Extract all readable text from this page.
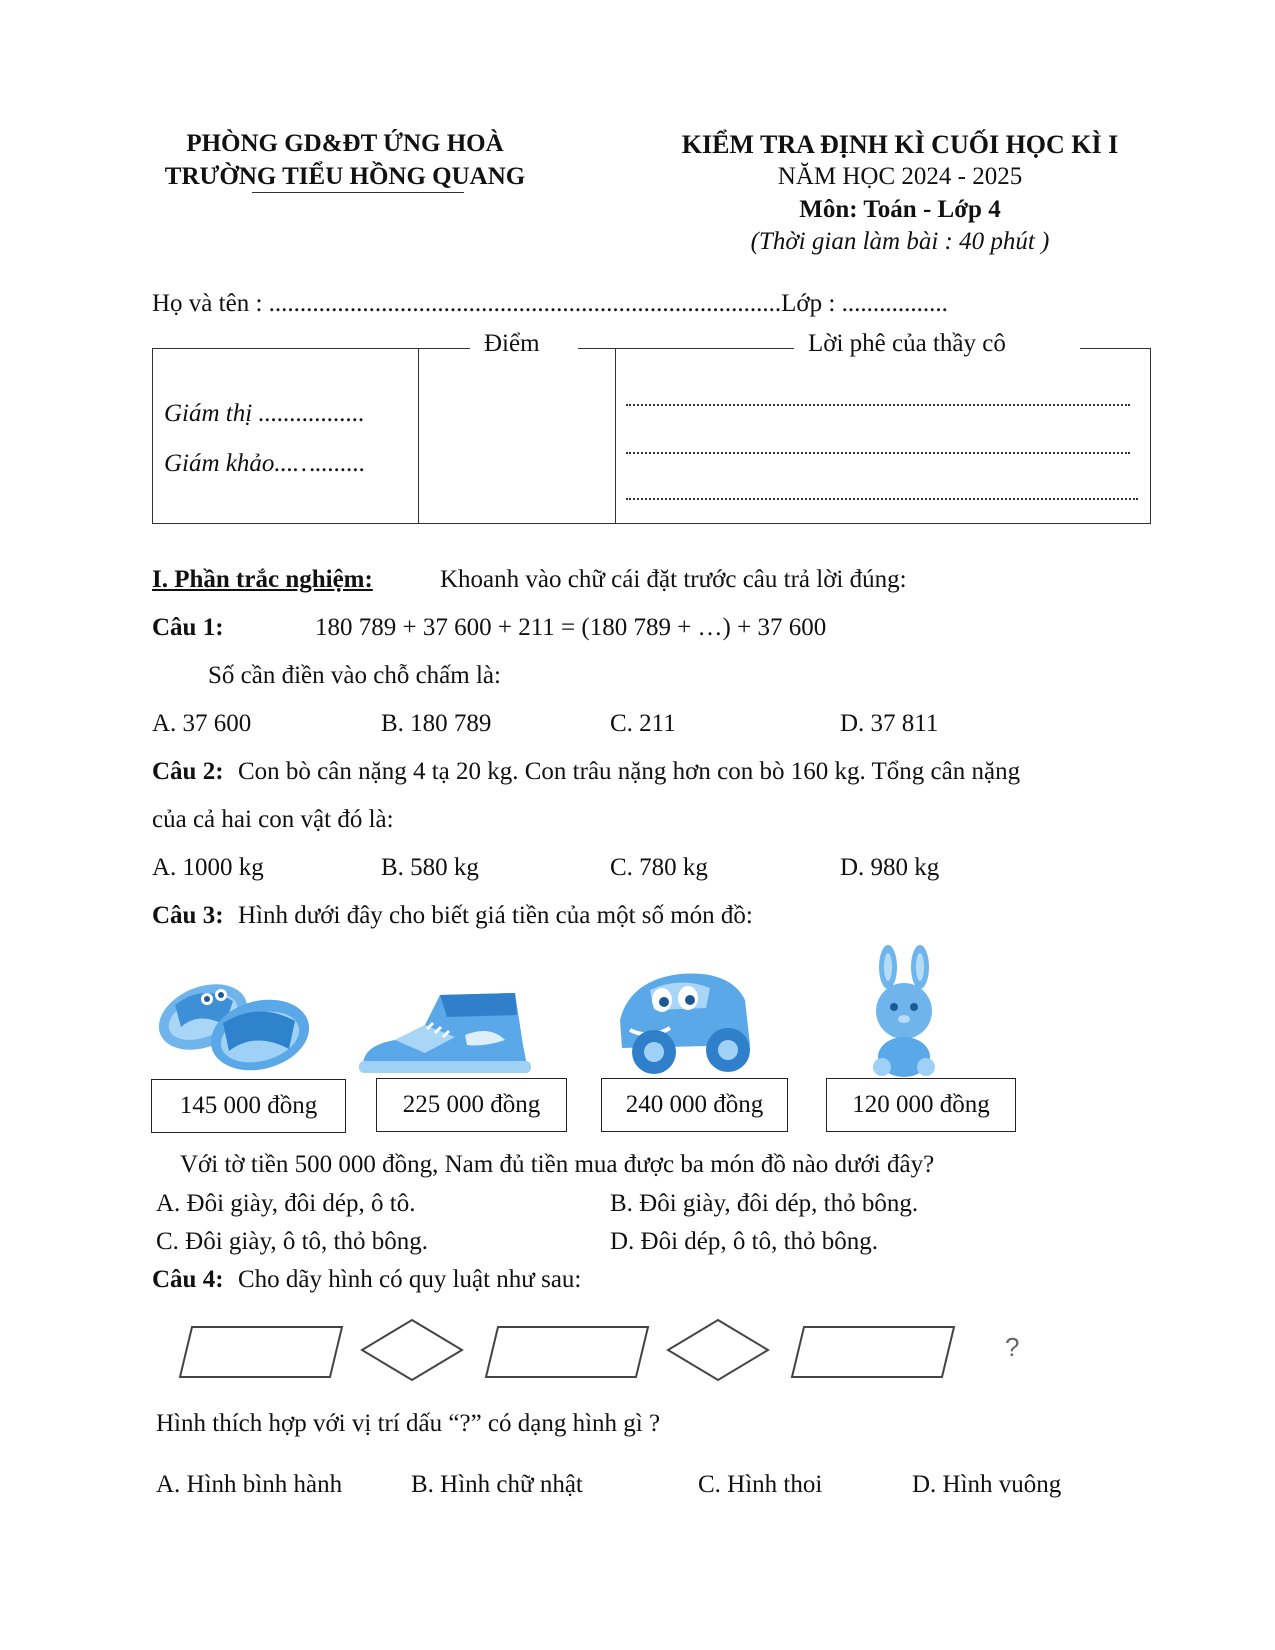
PHÒNG GD&ĐT ỨNG HOÀ
TRƯỜNG TIỂU HỒNG QUANG
KIỂM TRA ĐỊNH KÌ CUỐI HỌC KÌ I
NĂM HỌC 2024 - 2025
Môn: Toán - Lớp 4
(Thời gian làm bài : 40 phút )
Họ và tên : ..................................................................................Lớp : .................
Điểm	Lời phê của thầy cô
Giám thị .................
Giám khảo...…........
I. Phần trắc nghiệm:	Khoanh vào chữ cái đặt trước câu trả lời đúng:
Câu 1:	180 789 + 37 600 + 211 = (180 789 + …) + 37 600
Số cần điền vào chỗ chấm là:
A. 37 600	B. 180 789	C. 211	D. 37 811
Câu 2: Con bò cân nặng 4 tạ 20 kg. Con trâu nặng hơn con bò 160 kg. Tổng cân nặng
của cả hai con vật đó là:
A. 1000 kg	B. 580 kg	C. 780 kg	D. 980 kg
Câu 3: Hình dưới đây cho biết giá tiền của một số món đồ:
145 000 đồng	225 000 đồng	240 000 đồng	120 000 đồng
Với tờ tiền 500 000 đồng, Nam đủ tiền mua được ba món đồ nào dưới đây?
A. Đôi giày, đôi dép, ô tô.	B. Đôi giày, đôi dép, thỏ bông.
C. Đôi giày, ô tô, thỏ bông.	D. Đôi dép, ô tô, thỏ bông.
Câu 4: Cho dãy hình có quy luật như sau:
?
Hình thích hợp với vị trí dấu “?” có dạng hình gì ?
A. Hình bình hành	B. Hình chữ nhật	C. Hình thoi	D. Hình vuông
